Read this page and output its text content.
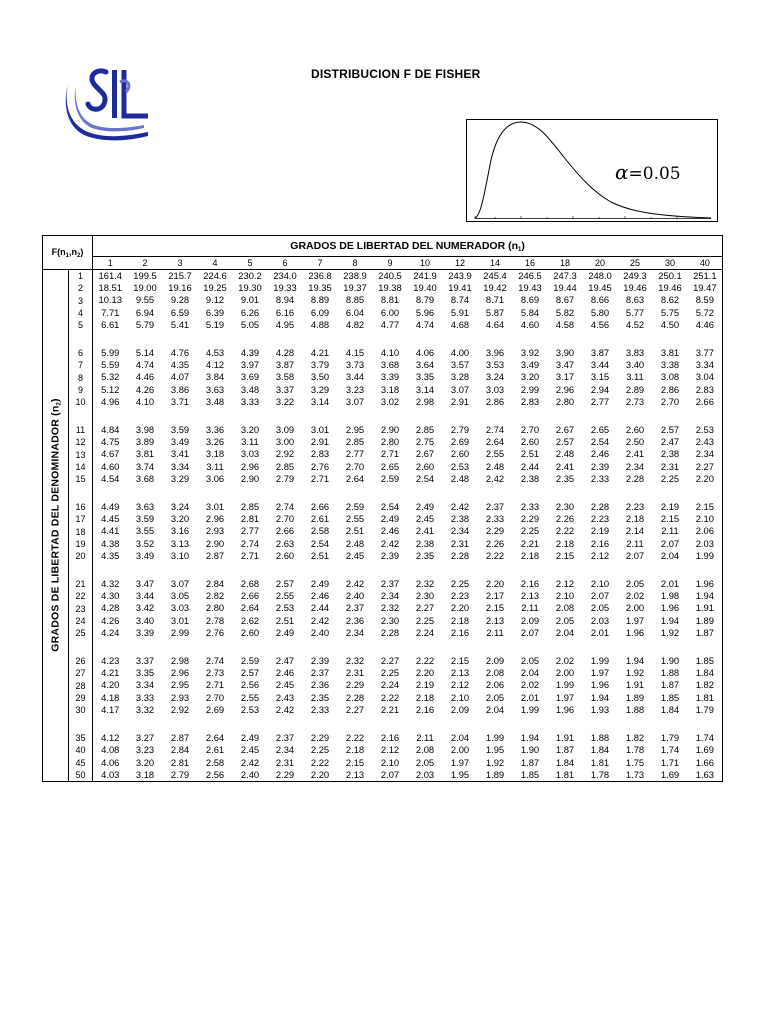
DISTRIBUCION F DE FISHER
α=0.05
$F(n_1,n_2)$		GRADOS DE LIBERTAD DEL NUMERADOR $(n_1)$																	
		1	2	3	4	5	6	7	8	9	10	12	14	16	18	20	25	30	40

GRADOS DE LIBERTAD DEL DENOMINADOR $(n_2)$	1	161.4	199.5	215.7	224.6	230.2	234.0	236.8	238.9	240.5	241.9	243.9	245.4	246.5	247.3	248.0	249.3	250.1	251.1
	2	18.51	19.00	19.16	19.25	19.30	19.33	19.35	19.37	19.38	19.40	19.41	19.42	19.43	19.44	19.45	19.46	19.46	19.47
	3	10.13	9.55	9.28	9.12	9.01	8.94	8.89	8.85	8.81	8.79	8.74	8.71	8.69	8.67	8.66	8.63	8.62	8.59
	4	7.71	6.94	6.59	6.39	6.26	6.16	6.09	6.04	6.00	5.96	5.91	5.87	5.84	5.82	5.80	5.77	5.75	5.72
	5	6.61	5.79	5.41	5.19	5.05	4.95	4.88	4.82	4.77	4.74	4.68	4.64	4.60	4.58	4.56	4.52	4.50	4.46

	6	5.99	5.14	4.76	4.53	4.39	4.28	4.21	4.15	4.10	4.06	4.00	3.96	3.92	3.90	3.87	3.83	3.81	3.77
	7	5.59	4.74	4.35	4.12	3.97	3.87	3.79	3.73	3.68	3.64	3.57	3.53	3.49	3.47	3.44	3.40	3.38	3.34
	8	5.32	4.46	4.07	3.84	3.69	3.58	3.50	3.44	3.39	3.35	3.28	3.24	3.20	3.17	3.15	3.11	3.08	3.04
	9	5.12	4.26	3.86	3.63	3.48	3.37	3.29	3.23	3.18	3.14	3.07	3.03	2.99	2.96	2.94	2.89	2.86	2.83
	10	4.96	4.10	3.71	3.48	3.33	3.22	3.14	3.07	3.02	2.98	2.91	2.86	2.83	2.80	2.77	2.73	2.70	2.66

	11	4.84	3.98	3.59	3.36	3.20	3.09	3.01	2.95	2.90	2.85	2.79	2.74	2.70	2.67	2.65	2.60	2.57	2.53
	12	4.75	3.89	3.49	3.26	3.11	3.00	2.91	2.85	2.80	2.75	2.69	2.64	2.60	2.57	2.54	2.50	2.47	2.43
	13	4.67	3.81	3.41	3.18	3.03	2.92	2.83	2.77	2.71	2.67	2.60	2.55	2.51	2.48	2.46	2.41	2.38	2.34
	14	4.60	3.74	3.34	3.11	2.96	2.85	2.76	2.70	2.65	2.60	2.53	2.48	2.44	2.41	2.39	2.34	2.31	2.27
	15	4.54	3.68	3.29	3.06	2.90	2.79	2.71	2.64	2.59	2.54	2.48	2.42	2.38	2.35	2.33	2.28	2.25	2.20

	16	4.49	3.63	3.24	3.01	2.85	2.74	2.66	2.59	2.54	2.49	2.42	2.37	2.33	2.30	2.28	2.23	2.19	2.15
	17	4.45	3.59	3.20	2.96	2.81	2.70	2.61	2.55	2.49	2.45	2.38	2.33	2.29	2.26	2.23	2.18	2.15	2.10
	18	4.41	3.55	3.16	2.93	2.77	2.66	2.58	2.51	2.46	2.41	2.34	2.29	2.25	2.22	2.19	2.14	2.11	2.06
	19	4.38	3.52	3.13	2.90	2.74	2.63	2.54	2.48	2.42	2.38	2.31	2.26	2.21	2.18	2.16	2.11	2.07	2.03
	20	4.35	3.49	3.10	2.87	2.71	2.60	2.51	2.45	2.39	2.35	2.28	2.22	2.18	2.15	2.12	2.07	2.04	1.99

	21	4.32	3.47	3.07	2.84	2.68	2.57	2.49	2.42	2.37	2.32	2.25	2.20	2.16	2.12	2.10	2.05	2.01	1.96
	22	4.30	3.44	3.05	2.82	2.66	2.55	2.46	2.40	2.34	2.30	2.23	2.17	2.13	2.10	2.07	2.02	1.98	1.94
	23	4.28	3.42	3.03	2.80	2.64	2.53	2.44	2.37	2.32	2.27	2.20	2.15	2.11	2.08	2.05	2.00	1.96	1.91
	24	4.26	3.40	3.01	2.78	2.62	2.51	2.42	2.36	2.30	2.25	2.18	2.13	2.09	2.05	2.03	1.97	1.94	1.89
	25	4.24	3.39	2.99	2.76	2.60	2.49	2.40	2.34	2.28	2.24	2.16	2.11	2.07	2.04	2.01	1.96	1.92	1.87

	26	4.23	3.37	2.98	2.74	2.59	2.47	2.39	2.32	2.27	2.22	2.15	2.09	2.05	2.02	1.99	1.94	1.90	1.85
	27	4.21	3.35	2.96	2.73	2.57	2.46	2.37	2.31	2.25	2.20	2.13	2.08	2.04	2.00	1.97	1.92	1.88	1.84
	28	4.20	3.34	2.95	2.71	2.56	2.45	2.36	2.29	2.24	2.19	2.12	2.06	2.02	1.99	1.96	1.91	1.87	1.82
	29	4.18	3.33	2.93	2.70	2.55	2.43	2.35	2.28	2.22	2.18	2.10	2.05	2.01	1.97	1.94	1.89	1.85	1.81
	30	4.17	3.32	2.92	2.69	2.53	2.42	2.33	2.27	2.21	2.16	2.09	2.04	1.99	1.96	1.93	1.88	1.84	1.79

	35	4.12	3.27	2.87	2.64	2.49	2.37	2.29	2.22	2.16	2.11	2.04	1.99	1.94	1.91	1.88	1.82	1.79	1.74
	40	4.08	3.23	2.84	2.61	2.45	2.34	2.25	2.18	2.12	2.08	2.00	1.95	1.90	1.87	1.84	1.78	1.74	1.69
	45	4.06	3.20	2.81	2.58	2.42	2.31	2.22	2.15	2.10	2.05	1.97	1.92	1.87	1.84	1.81	1.75	1.71	1.66
	50	4.03	3.18	2.79	2.56	2.40	2.29	2.20	2.13	2.07	2.03	1.95	1.89	1.85	1.81	1.78	1.73	1.69	1.63
